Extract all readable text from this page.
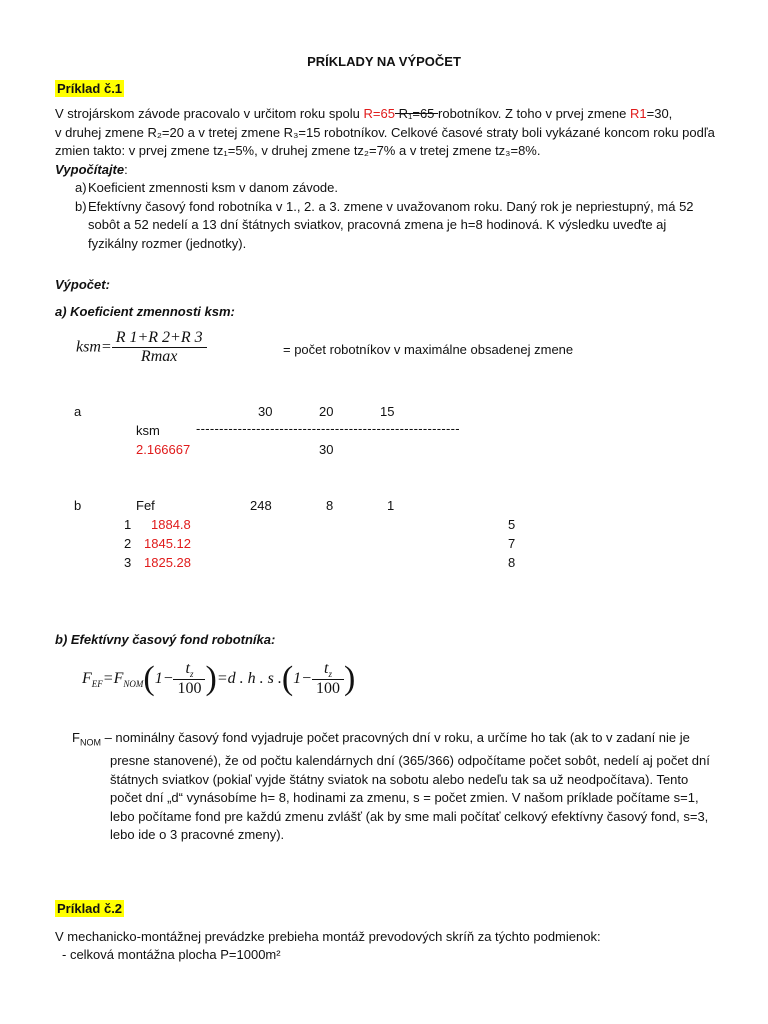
PRÍKLADY NA VÝPOČET
Príklad č.1
V strojárskom závode pracovalo v určitom roku spolu R=65 R₁=65 robotníkov. Z toho v prvej zmene R1=30,
v druhej zmene R₂=20 a v tretej zmene R₃=15 robotníkov. Celkové časové straty boli vykázané koncom roku podľa
zmien takto: v prvej zmene tz₁=5%, v druhej zmene tz₂=7% a v tretej zmene tz₃=8%.
Vypočítajte:
a)Koeficient zmennosti ksm v danom závode.
b)Efektívny časový fond robotníka v 1., 2. a 3. zmene v uvažovanom roku. Daný rok je nepriestupný, má 52
sobôt a 52 nedelí a 13 dní štátnych sviatkov, pracovná zmena je h=8 hodinová. K výsledku uveďte aj
fyzikálny rozmer (jednotky).
Výpočet:
a) Koeficient zmennosti ksm:
$ksm= \frac{R 1+R 2+R 3}{Rmax}$	= počet robotníkov v maximálne obsadenej zmene
a	30	20	15
ksm	---------------------------------------------------------
2.166667	30
b	Fef	248	8	1
1 1884.8	5
2 1845.12	7
3 1825.28	8
b) Efektívny časový fond robotníka:
$F_{EF}=F_{NOM}(1- \frac{t_z}{100} )=d$ . h . s $.(1- \frac{t_z}{100}$ )
$F_{NOM}$ – nominálny časový fond vyjadruje počet pracovných dní v roku, a určíme ho tak (ak to v zadaní nie je
presne stanovené), že od počtu kalendárnych dní (365/366) odpočítame počet sobôt, nedelí aj počet dní
štátnych sviatkov (pokiaľ vyjde štátny sviatok na sobotu alebo nedeľu tak sa už neodpočítava). Tento
počet dní „d“ vynásobíme h= 8, hodinami za zmenu, s = počet zmien. V našom príklade počítame s=1,
lebo počítame fond pre každú zmenu zvlášť (ak by sme mali počítať celkový efektívny časový fond, s=3,
lebo ide o 3 pracovné zmeny).
Príklad č.2
V mechanicko-montážnej prevádzke prebieha montáž prevodových skríň za týchto podmienok:
- celková montážna plocha P=1000m²
